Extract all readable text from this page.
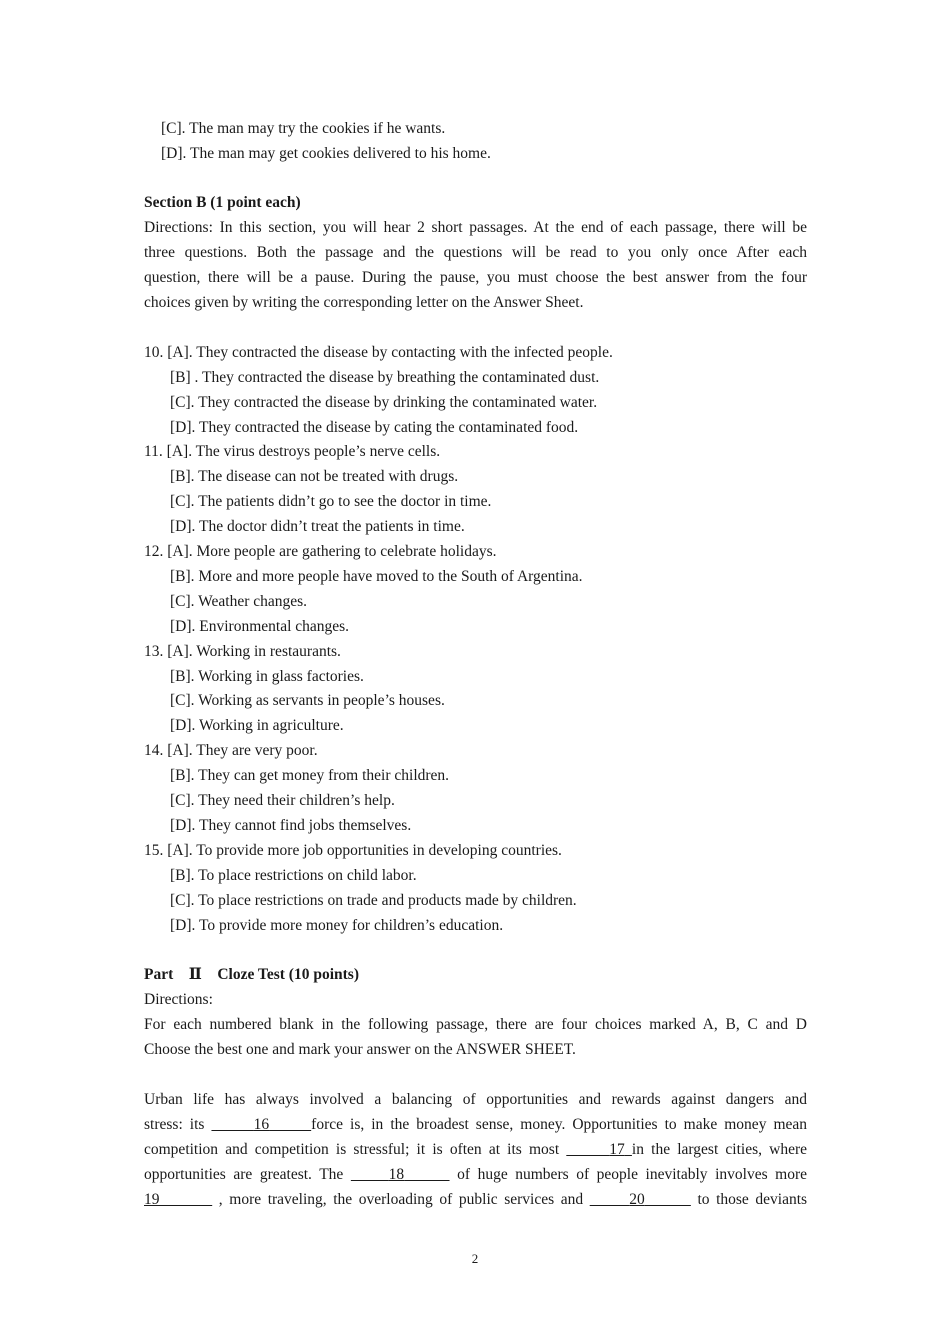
[C]. The man may try the cookies if he wants.
[D]. The man may get cookies delivered to his home.
Section B (1 point each)
Directions: In this section, you will hear 2 short passages. At the end of each passage, there will be
three questions. Both the passage and the questions will be read to you only once After each
question, there will be a pause. During the pause, you must choose the best answer from the four
choices given by writing the corresponding letter on the Answer Sheet.
10. [A]. They contracted the disease by contacting with the infected people.
[B] . They contracted the disease by breathing the contaminated dust.
[C]. They contracted the disease by drinking the contaminated water.
[D]. They contracted the disease by cating the contaminated food.
11. [A]. The virus destroys people’s nerve cells.
[B]. The disease can not be treated with drugs.
[C]. The patients didn’t go to see the doctor in time.
[D]. The doctor didn’t treat the patients in time.
12. [A]. More people are gathering to celebrate holidays.
[B]. More and more people have moved to the South of Argentina.
[C]. Weather changes.
[D]. Environmental changes.
13. [A]. Working in restaurants.
[B]. Working in glass factories.
[C]. Working as servants in people’s houses.
[D]. Working in agriculture.
14. [A]. They are very poor.
[B]. They can get money from their children.
[C]. They need their children’s help.
[D]. They cannot find jobs themselves.
15. [A]. To provide more job opportunities in developing countries.
[B]. To place restrictions on child labor.
[C]. To place restrictions on trade and products made by children.
[D]. To provide more money for children’s education.
Part　Ⅱ　Cloze Test (10 points)
Directions:
For each numbered blank in the following passage, there are four choices marked A, B, C and D
Choose the best one and mark your answer on the ANSWER SHEET.
Urban life has always involved a balancing of opportunities and rewards against dangers and
stress: its	16	force is, in the broadest sense, money. Opportunities to make money mean
competition and competition is stressful; it is often at its most	17 in the largest cities, where
opportunities are greatest. The	18	of huge numbers of people inevitably involves more
19	, more traveling, the overloading of public services and	20	to those deviants
2
